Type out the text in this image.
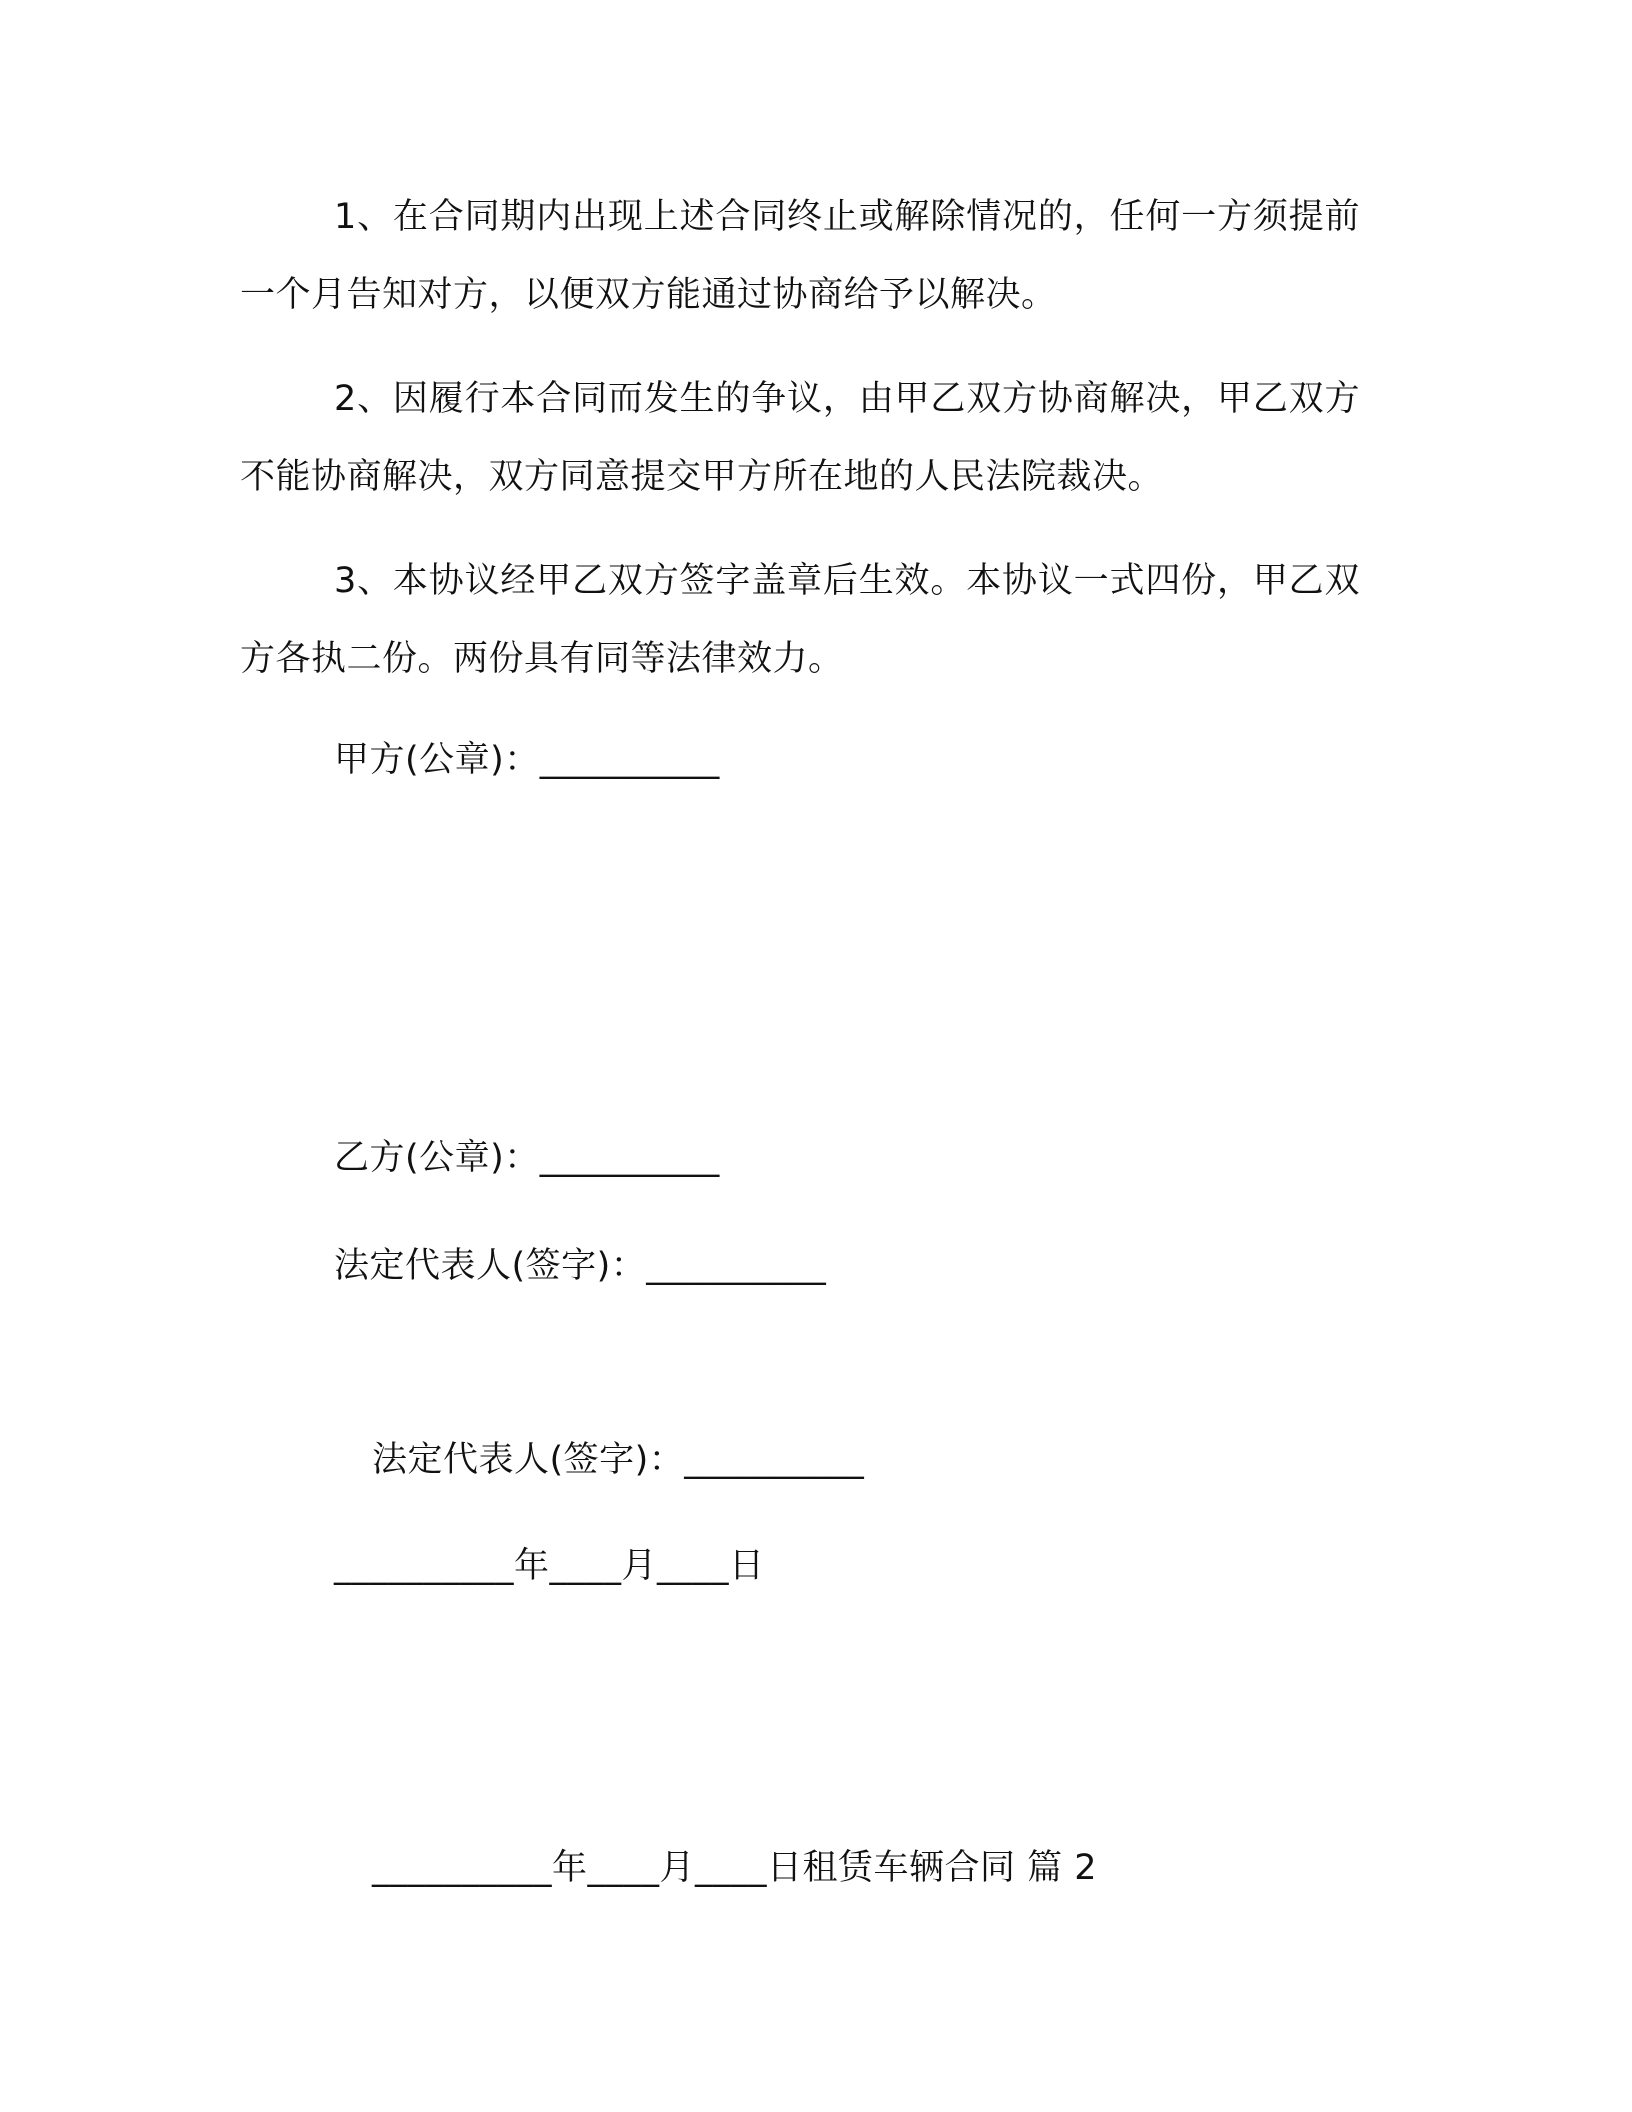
1、在合同期内出现上述合同终止或解除情况的，任何一方须提前一个月告知对方，以便双方能通过协商给予以解决。

2、因履行本合同而发生的争议，由甲乙双方协商解决，甲乙双方不能协商解决，双方同意提交甲方所在地的人民法院裁决。

3、本协议经甲乙双方签字盖章后生效。本协议一式四份，甲乙双方各执二份。两份具有同等法律效力。

甲方(公章)：__________

乙方(公章)：__________

法定代表人(签字)：__________

法定代表人(签字)：__________

__________年____月____日

__________年____月____日租赁车辆合同 篇 2
